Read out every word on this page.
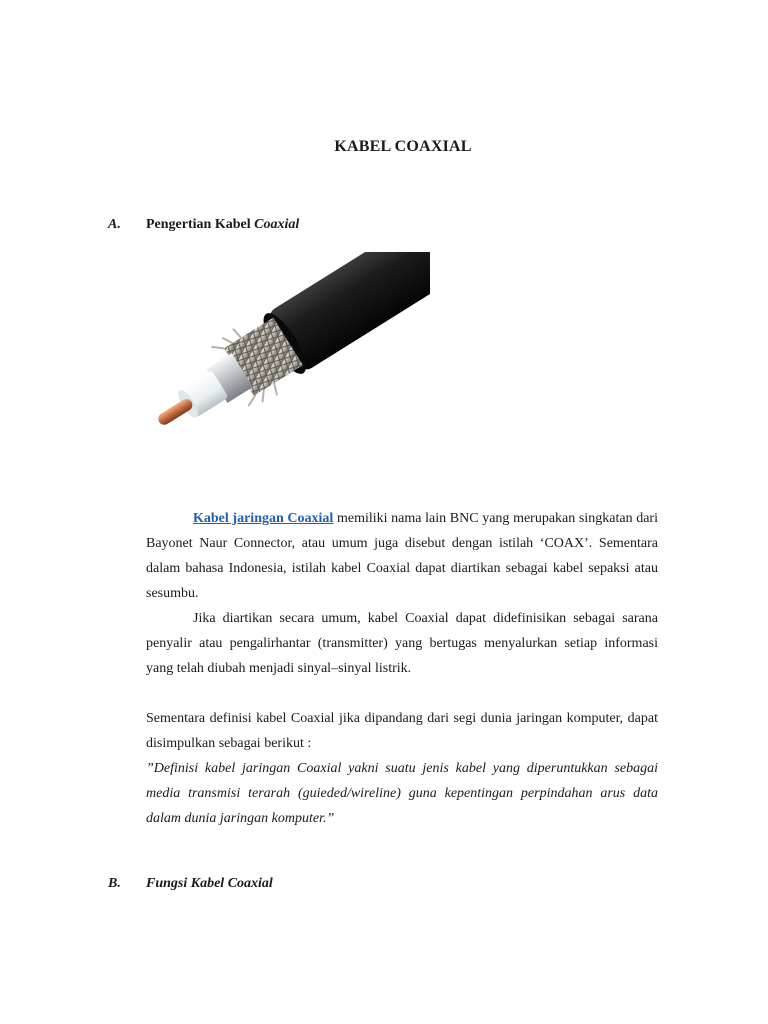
KABEL COAXIAL
A. Pengertian Kabel Coaxial
Kabel jaringan Coaxial memiliki nama lain BNC yang merupakan singkatan dari Bayonet Naur Connector, atau umum juga disebut dengan istilah ‘COAX’. Sementara dalam bahasa Indonesia, istilah kabel Coaxial dapat diartikan sebagai kabel sepaksi atau sesumbu.
Jika diartikan secara umum, kabel Coaxial dapat didefinisikan sebagai sarana penyalir atau pengalirhantar (transmitter) yang bertugas menyalurkan setiap informasi yang telah diubah menjadi sinyal–sinyal listrik.
Sementara definisi kabel Coaxial jika dipandang dari segi dunia jaringan komputer, dapat disimpulkan sebagai berikut :
”Definisi kabel jaringan Coaxial yakni suatu jenis kabel yang diperuntukkan sebagai media transmisi terarah (guieded/wireline) guna kepentingan perpindahan arus data dalam dunia jaringan komputer.”
B. Fungsi Kabel Coaxial
